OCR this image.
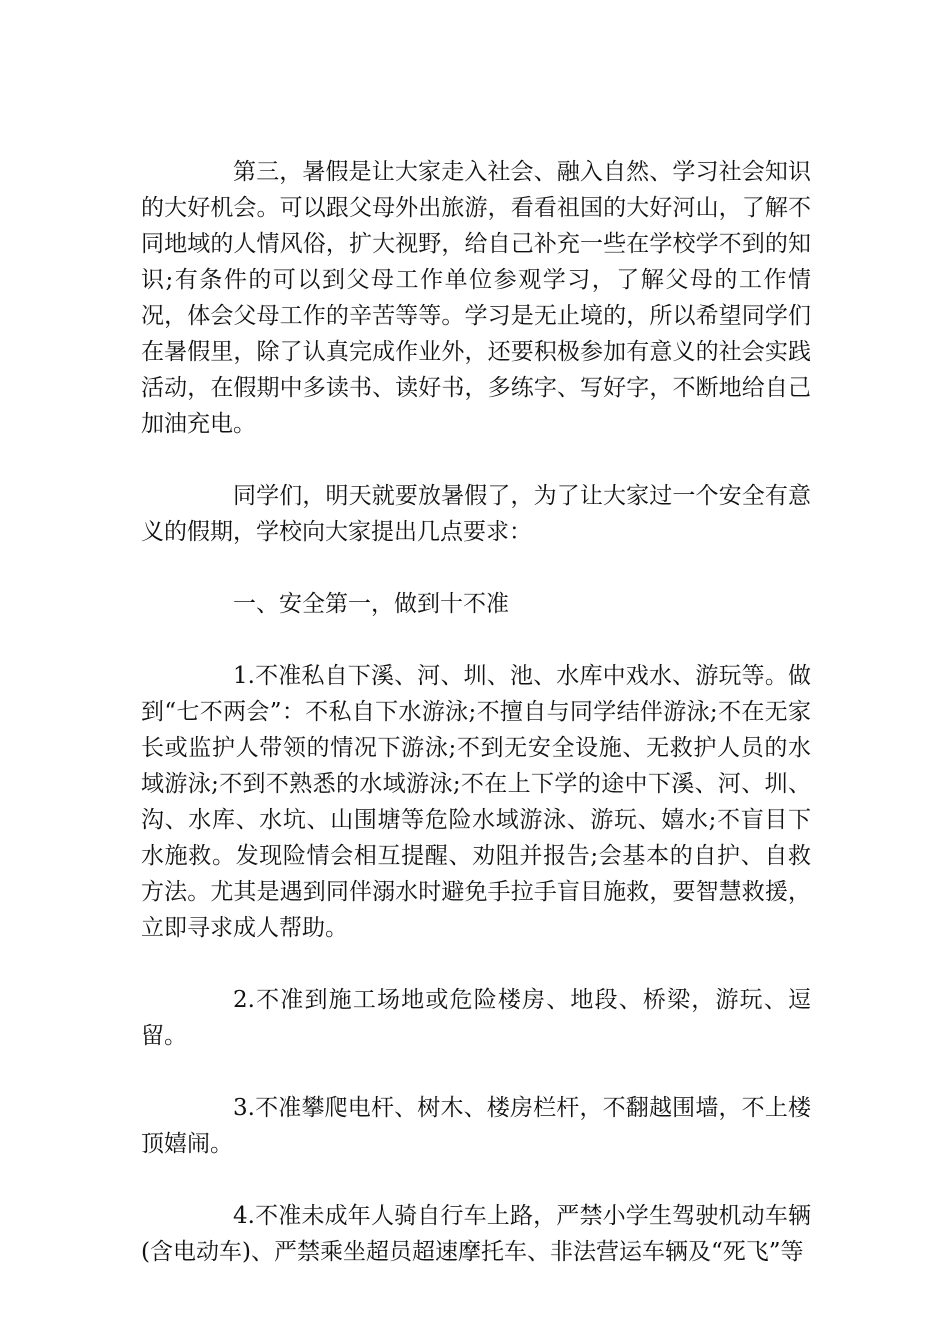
第三，暑假是让大家走入社会、融入自然、学习社会知识的大好机会。可以跟父母外出旅游，看看祖国的大好河山，了解不同地域的人情风俗，扩大视野，给自己补充一些在学校学不到的知识;有条件的可以到父母工作单位参观学习，了解父母的工作情况，体会父母工作的辛苦等等。学习是无止境的，所以希望同学们在暑假里，除了认真完成作业外，还要积极参加有意义的社会实践活动，在假期中多读书、读好书，多练字、写好字，不断地给自己加油充电。

同学们，明天就要放暑假了，为了让大家过一个安全有意义的假期，学校向大家提出几点要求：

一、安全第一，做到十不准

1.不准私自下溪、河、圳、池、水库中戏水、游玩等。做到“七不两会”：不私自下水游泳;不擅自与同学结伴游泳;不在无家长或监护人带领的情况下游泳;不到无安全设施、无救护人员的水域游泳;不到不熟悉的水域游泳;不在上下学的途中下溪、河、圳、沟、水库、水坑、山围塘等危险水域游泳、游玩、嬉水;不盲目下水施救。发现险情会相互提醒、劝阻并报告;会基本的自护、自救方法。尤其是遇到同伴溺水时避免手拉手盲目施救，要智慧救援，立即寻求成人帮助。

2.不准到施工场地或危险楼房、地段、桥梁，游玩、逗留。

3.不准攀爬电杆、树木、楼房栏杆，不翻越围墙，不上楼顶嬉闹。

4.不准未成年人骑自行车上路，严禁小学生驾驶机动车辆(含电动车)、严禁乘坐超员超速摩托车、非法营运车辆及“死飞”等
